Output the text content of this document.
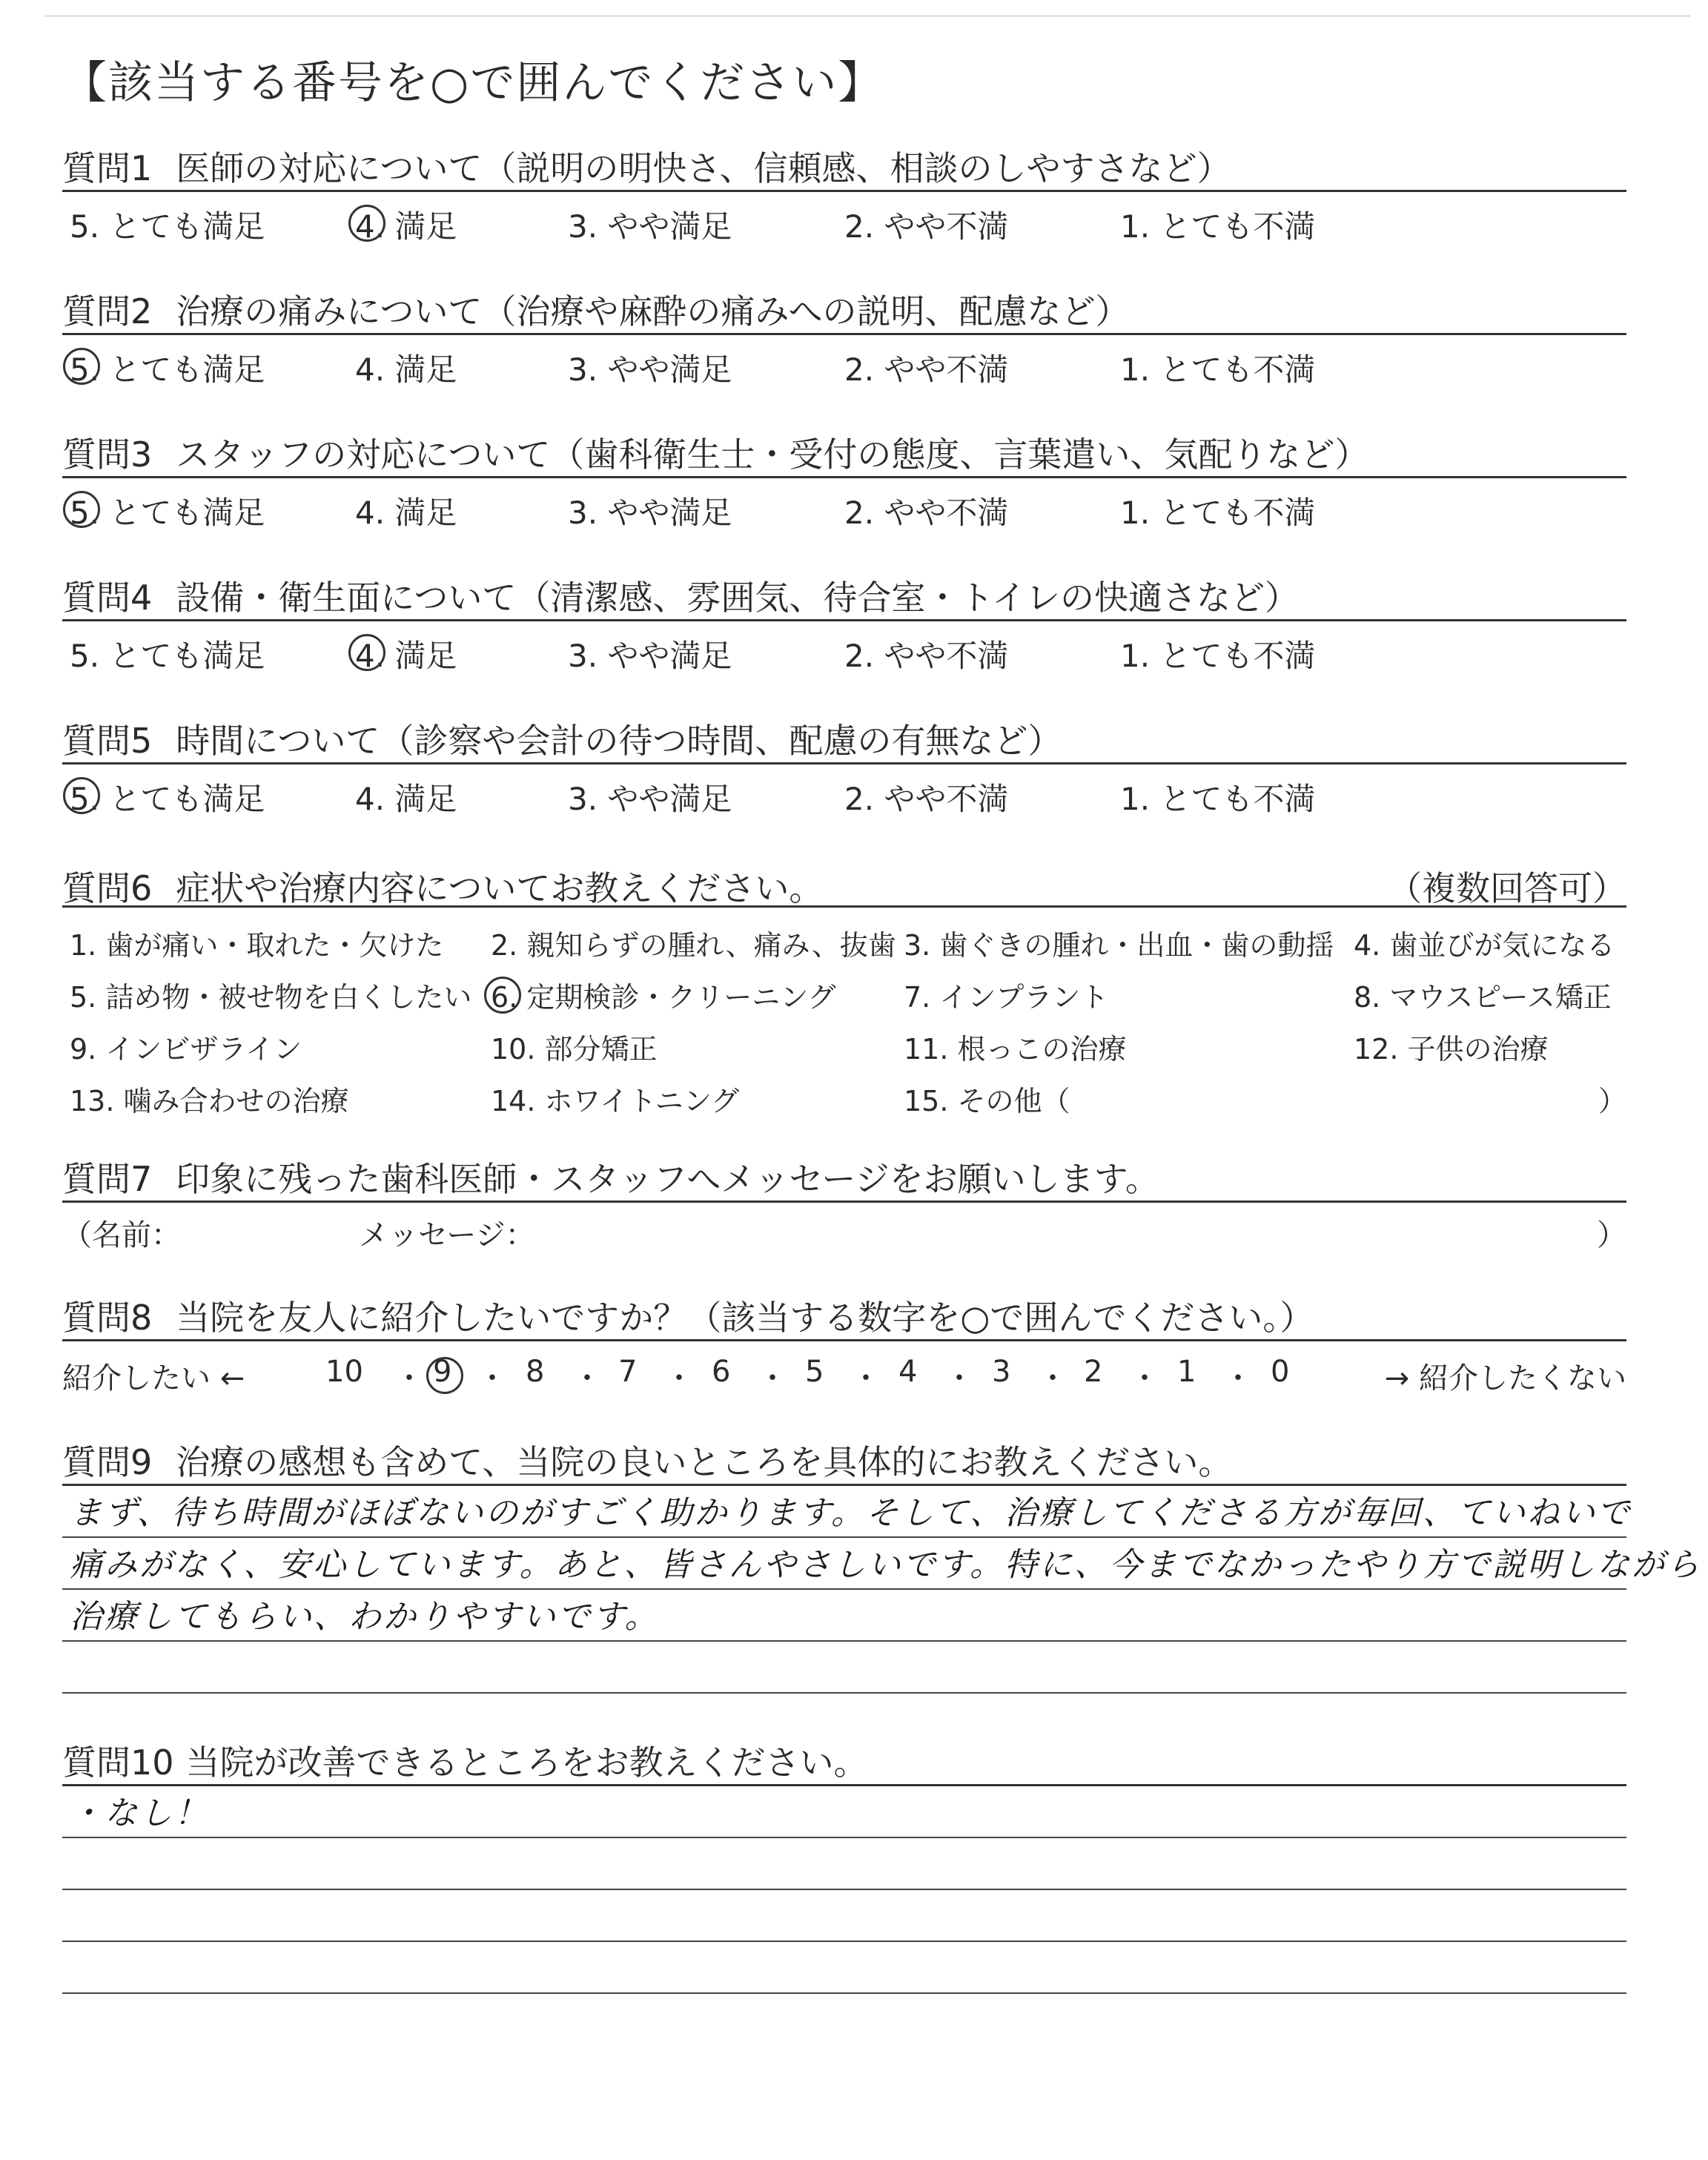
【該当する番号を○で囲んでください】
質問1 医師の対応について（説明の明快さ、信頼感、相談のしやすさなど）
5. とても満足	4. 満足	3. やや満足	2. やや不満	1. とても不満
質問2 治療の痛みについて（治療や麻酔の痛みへの説明、配慮など）
5. とても満足	4. 満足	3. やや満足	2. やや不満	1. とても不満
質問3 スタッフの対応について（歯科衛生士・受付の態度、言葉遣い、気配りなど）
5. とても満足	4. 満足	3. やや満足	2. やや不満	1. とても不満
質問4 設備・衛生面について（清潔感、雰囲気、待合室・トイレの快適さなど）
5. とても満足	4. 満足	3. やや満足	2. やや不満	1. とても不満
質問5 時間について（診察や会計の待つ時間、配慮の有無など）
5. とても満足	4. 満足	3. やや満足	2. やや不満	1. とても不満
質問6 症状や治療内容についてお教えください。	（複数回答可）
1. 歯が痛い・取れた・欠けた 2. 親知らずの腫れ、痛み、抜歯 3. 歯ぐきの腫れ・出血・歯の動揺 4. 歯並びが気になる
5. 詰め物・被せ物を白くしたい 6. 定期検診・クリーニング 7. インプラント	8. マウスピース矯正
9. インビザライン	10. 部分矯正	11. 根っこの治療	12. 子供の治療
13. 噛み合わせの治療	14. ホワイトニング	15. その他（	）
質問7 印象に残った歯科医師・スタッフへメッセージをお願いします。
（名前：	メッセージ：	）
質問8 当院を友人に紹介したいですか？（該当する数字を○で囲んでください。）
紹介したい ←	10 ・ 9 ・ 8 ・ 7 ・ 6 ・ 5 ・ 4 ・ 3 ・ 2 ・ 1 ・ 0	→ 紹介したくない
質問9 治療の感想も含めて、当院の良いところを具体的にお教えください。
まず、待ち時間がほぼないのがすごく助かります。そして、治療してくださる方が毎回、ていねいで
痛みがなく、安心しています。あと、皆さんやさしいです。特に、今までなかったやり方で説明しながら
治療してもらい、わかりやすいです。
質問10 当院が改善できるところをお教えください。
・なし！
